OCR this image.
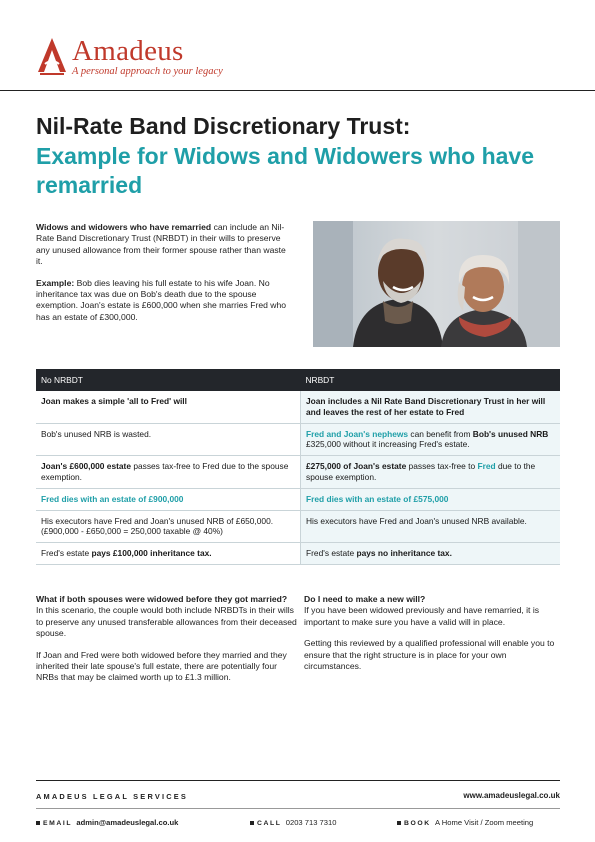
Amadeus
A personal approach to your legacy
Nil-Rate Band Discretionary Trust:
Example for Widows and Widowers who have remarried

Widows and widowers who have remarried can include an Nil-Rate Band Discretionary Trust (NRBDT) in their wills to preserve any unused allowance from their former spouse rather than waste it.

Example: Bob dies leaving his full estate to his wife Joan. No inheritance tax was due on Bob's death due to the spouse exemption. Joan's estate is £600,000 when she marries Fred who has an estate of £300,000.

No NRBDT	NRBDT
Joan makes a simple 'all to Fred' will	Joan includes a Nil Rate Band Discretionary Trust in her will and leaves the rest of her estate to Fred
Bob's unused NRB is wasted.	Fred and Joan's nephews can benefit from Bob's unused NRB £325,000 without it increasing Fred's estate.
Joan's £600,000 estate passes tax-free to Fred due to the spouse exemption.	£275,000 of Joan's estate passes tax-free to Fred due to the spouse exemption.
Fred dies with an estate of £900,000	Fred dies with an estate of £575,000

His executors have Fred and Joan's unused NRB of £650,000.
(£900,000 - £650,000 = 250,000 taxable @ 40%)	His executors have Fred and Joan's unused NRB available.
Fred's estate pays £100,000 inheritance tax.	Fred's estate pays no inheritance tax.
What if both spouses were widowed before they got married?

In this scenario, the couple would both include NRBDTs in their wills to preserve any unused transferable allowances from their deceased spouse.

If Joan and Fred were both widowed before they married and they inherited their late spouse's full estate, there are potentially four NRBs that may be claimed worth up to £1.3 million.

Do I need to make a new will?

If you have been widowed previously and have remarried, it is important to make sure you have a valid will in place.

Getting this reviewed by a qualified professional will enable you to ensure that the right structure is in place for your own circumstances.

AMADEUS LEGAL SERVICES	www.amadeuslegal.co.uk
EMAIL admin@amadeuslegal.co.uk	CALL 0203 713 7310	BOOK A Home Visit / Zoom meeting
